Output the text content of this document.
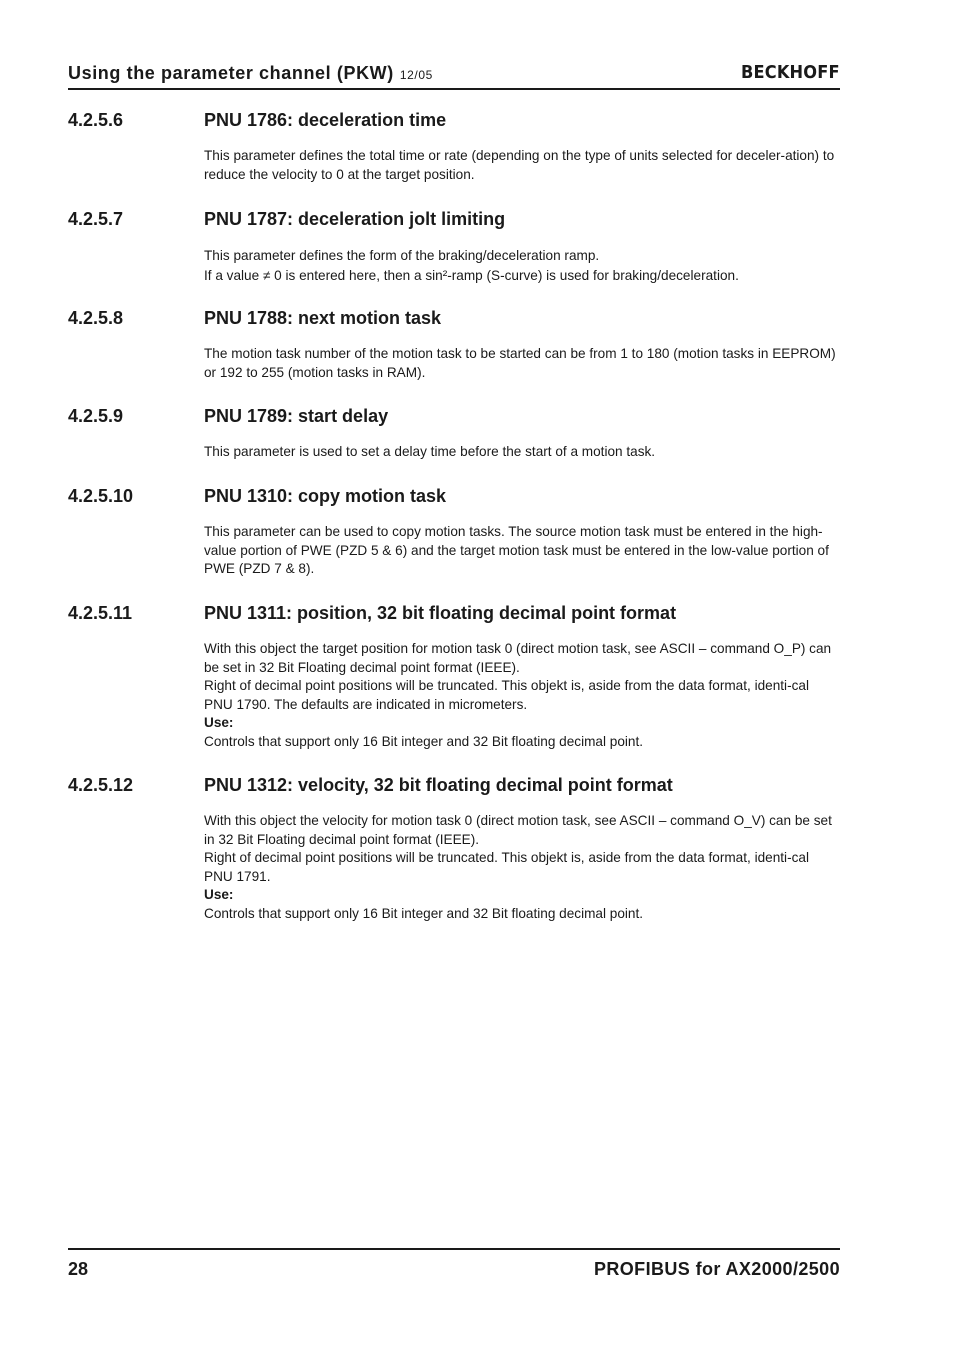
Using the parameter channel (PKW) 12/05	BECKHOFF
4.2.5.6	PNU 1786: deceleration time

This parameter defines the total time or rate (depending on the type of units selected for deceler-ation) to reduce the velocity to 0 at the target position.

4.2.5.7	PNU 1787: deceleration jolt limiting

This parameter defines the form of the braking/deceleration ramp.

If a value ≠ 0 is entered here, then a sin²-ramp (S-curve) is used for braking/deceleration.

4.2.5.8	PNU 1788: next motion task

The motion task number of the motion task to be started can be from 1 to 180 (motion tasks in EEPROM) or 192 to 255 (motion tasks in RAM).

4.2.5.9	PNU 1789: start delay

This parameter is used to set a delay time before the start of a motion task.

4.2.5.10	PNU 1310: copy motion task

This parameter can be used to copy motion tasks. The source motion task must be entered in the high-value portion of PWE (PZD 5 & 6) and the target motion task must be entered in the low-value portion of PWE (PZD 7 & 8).

4.2.5.11	PNU 1311: position, 32 bit floating decimal point format

With this object the target position for motion task 0 (direct motion task, see ASCII – command O_P) can be set in 32 Bit Floating decimal point format (IEEE).

Right of decimal point positions will be truncated. This objekt is, aside from the data format, identi-cal PNU 1790. The defaults are indicated in micrometers.

Use:

Controls that support only 16 Bit integer and 32 Bit floating decimal point.

4.2.5.12	PNU 1312: velocity, 32 bit floating decimal point format

With this object the velocity for motion task 0 (direct motion task, see ASCII – command O_V) can be set in 32 Bit Floating decimal point format (IEEE).

Right of decimal point positions will be truncated. This objekt is, aside from the data format, identi-cal PNU 1791.

Use:

Controls that support only 16 Bit integer and 32 Bit floating decimal point.

28	PROFIBUS for AX2000/2500
